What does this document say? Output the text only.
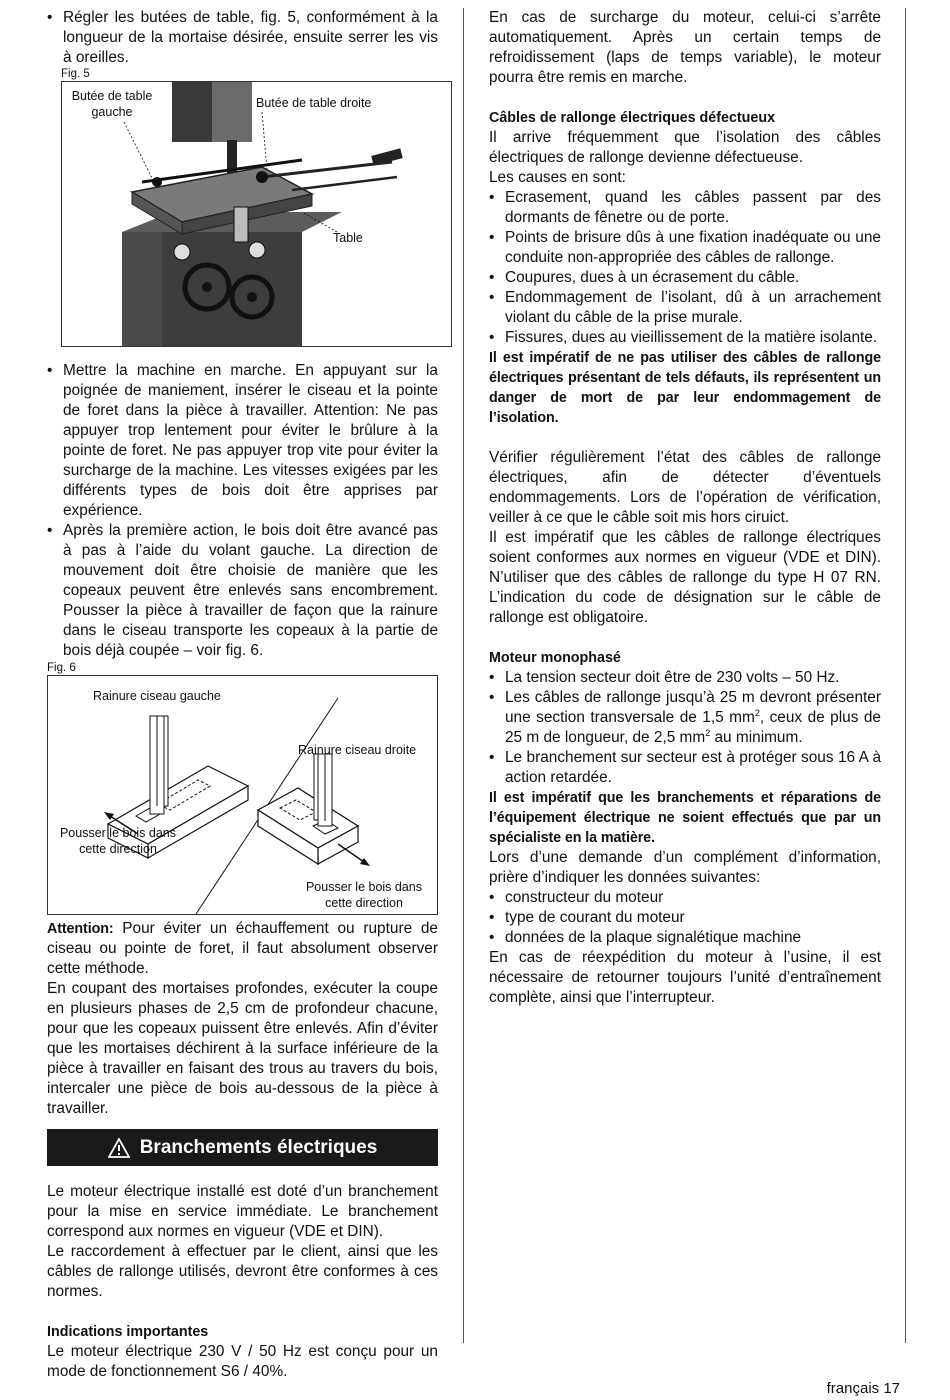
• Régler les butées de table, fig. 5, conformément à la longueur de la mortaise désirée, ensuite serrer les vis à oreilles.

Fig. 5

Butée de table
gauche
Butée de table droite
Table

• Mettre la machine en marche. En appuyant sur la poignée de maniement, insérer le ciseau et la pointe de foret dans la pièce à travailler. Attention: Ne pas appuyer trop lentement pour éviter le brûlure à la pointe de foret. Ne pas appuyer trop vite pour éviter la surcharge de la machine. Les vitesses exigées par les différents types de bois doit être apprises par expérience.

• Après la première action, le bois doit être avancé pas à pas à l’aide du volant gauche. La direction de mouvement doit être choisie de manière que les copeaux peuvent être enlevés sans encombrement. Pousser la pièce à travailler de façon que la rainure dans le ciseau transporte les copeaux à la partie de bois déjà coupée – voir fig. 6.

Fig. 6

Rainure ciseau gauche
Rainure ciseau droite
Pousser le bois dans
cette direction
Pousser le bois dans
cette direction

Attention: Pour éviter un échauffement ou rupture de ciseau ou pointe de foret, il faut absolument observer cette méthode.

En coupant des mortaises profondes, exécuter la coupe en plusieurs phases de 2,5 cm de profondeur chacune, pour que les copeaux puissent être enlevés. Afin d’éviter que les mortaises déchirent à la surface inférieure de la pièce à travailler en faisant des trous au travers du bois, intercaler une pièce de bois au-dessous de la pièce à travailler.

Branchements électriques

Le moteur électrique installé est doté d’un branchement pour la mise en service immédiate. Le branchement correspond aux normes en vigueur (VDE et DIN).

Le raccordement à effectuer par le client, ainsi que les câbles de rallonge utilisés, devront être conformes à ces normes.

Indications importantes

Le moteur électrique 230 V / 50 Hz est conçu pour un mode de fonctionnement S6 / 40%.

En cas de surcharge du moteur, celui-ci s’arrête automatiquement. Après un certain temps de refroidissement (laps de temps variable), le moteur pourra être remis en marche.

Câbles de rallonge électriques défectueux

Il arrive fréquemment que l’isolation des câbles électriques de rallonge devienne défectueuse.

Les causes en sont:

• Ecrasement, quand les câbles passent par des dormants de fênetre ou de porte.

• Points de brisure dûs à une fixation inadéquate ou une conduite non-appropriée des câbles de rallonge.

• Coupures, dues à un écrasement du câble.

• Endommagement de l’isolant, dû à un arrachement violant du câble de la prise murale.

• Fissures, dues au vieillissement de la matière isolante.

Il est impératif de ne pas utiliser des câbles de rallonge électriques présentant de tels défauts, ils représentent un danger de mort de par leur endommagement de l’isolation.

Vérifier régulièrement l’état des câbles de rallonge électriques, afin de détecter d’éventuels endommagements. Lors de l’opération de vérification, veiller à ce que le câble soit mis hors ciruict.

Il est impératif que les câbles de rallonge électriques soient conformes aux normes en vigueur (VDE et DIN). N’utiliser que des câbles de rallonge du type H 07 RN. L’indication du code de désignation sur le câble de rallonge est obligatoire.

Moteur monophasé

• La tension secteur doit être de 230 volts – 50 Hz.

• Les câbles de rallonge jusqu’à 25 m devront présenter une section transversale de 1,5 $mm^2$, ceux de plus de 25 m de longueur, de 2,5 $mm^2$ au minimum.

• Le branchement sur secteur est à protéger sous 16 A à action retardée.

Il est impératif que les branchements et réparations de l’équipement électrique ne soient effectués que par un spécialiste en la matière.

Lors d’une demande d’un complément d’information, prière d’indiquer les données suivantes:

• constructeur du moteur

• type de courant du moteur

• données de la plaque signalétique machine

En cas de réexpédition du moteur à l’usine, il est nécessaire de retourner toujours l’unité d’entraînement complète, ainsi que l’interrupteur.

français 17
